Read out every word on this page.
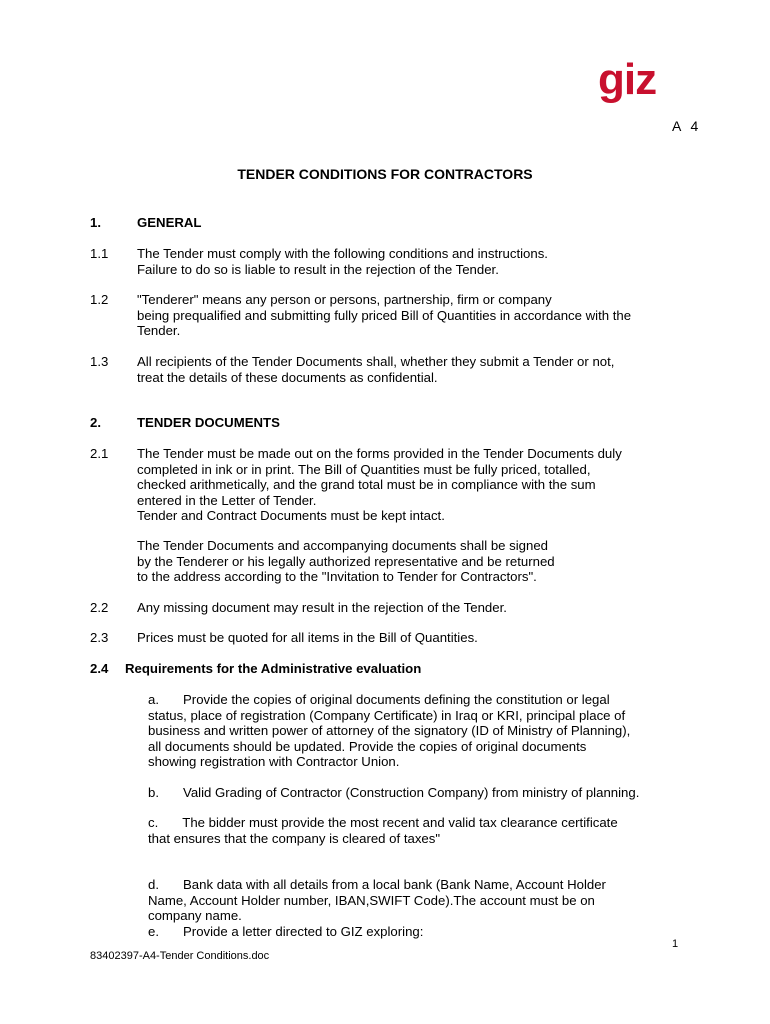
giz
A 4
TENDER CONDITIONS FOR CONTRACTORS
1.	GENERAL
1.1 The Tender must comply with the following conditions and instructions.
Failure to do so is liable to result in the rejection of the Tender.
1.2 "Tenderer" means any person or persons, partnership, firm or company
being prequalified and submitting fully priced Bill of Quantities in accordance with the
Tender.
1.3 All recipients of the Tender Documents shall, whether they submit a Tender or not,
treat the details of these documents as confidential.
2.	TENDER DOCUMENTS
2.1 The Tender must be made out on the forms provided in the Tender Documents duly
completed in ink or in print. The Bill of Quantities must be fully priced, totalled,
checked arithmetically, and the grand total must be in compliance with the sum
entered in the Letter of Tender.
Tender and Contract Documents must be kept intact.
The Tender Documents and accompanying documents shall be signed
by the Tenderer or his legally authorized representative and be returned
to the address according to the "Invitation to Tender for Contractors".
2.2 Any missing document may result in the rejection of the Tender.
2.3 Prices must be quoted for all items in the Bill of Quantities.
2.4 Requirements for the Administrative evaluation
a. Provide the copies of original documents defining the constitution or legal
status, place of registration (Company Certificate) in Iraq or KRI, principal place of
business and written power of attorney of the signatory (ID of Ministry of Planning),
all documents should be updated. Provide the copies of original documents
showing registration with Contractor Union.
b. Valid Grading of Contractor (Construction Company) from ministry of planning.
c. The bidder must provide the most recent and valid tax clearance certificate
that ensures that the company is cleared of taxes"
d. Bank data with all details from a local bank (Bank Name, Account Holder
Name, Account Holder number, IBAN,SWIFT Code).The account must be on
company name.
e. Provide a letter directed to GIZ exploring:
1
83402397-A4-Tender Conditions.doc
